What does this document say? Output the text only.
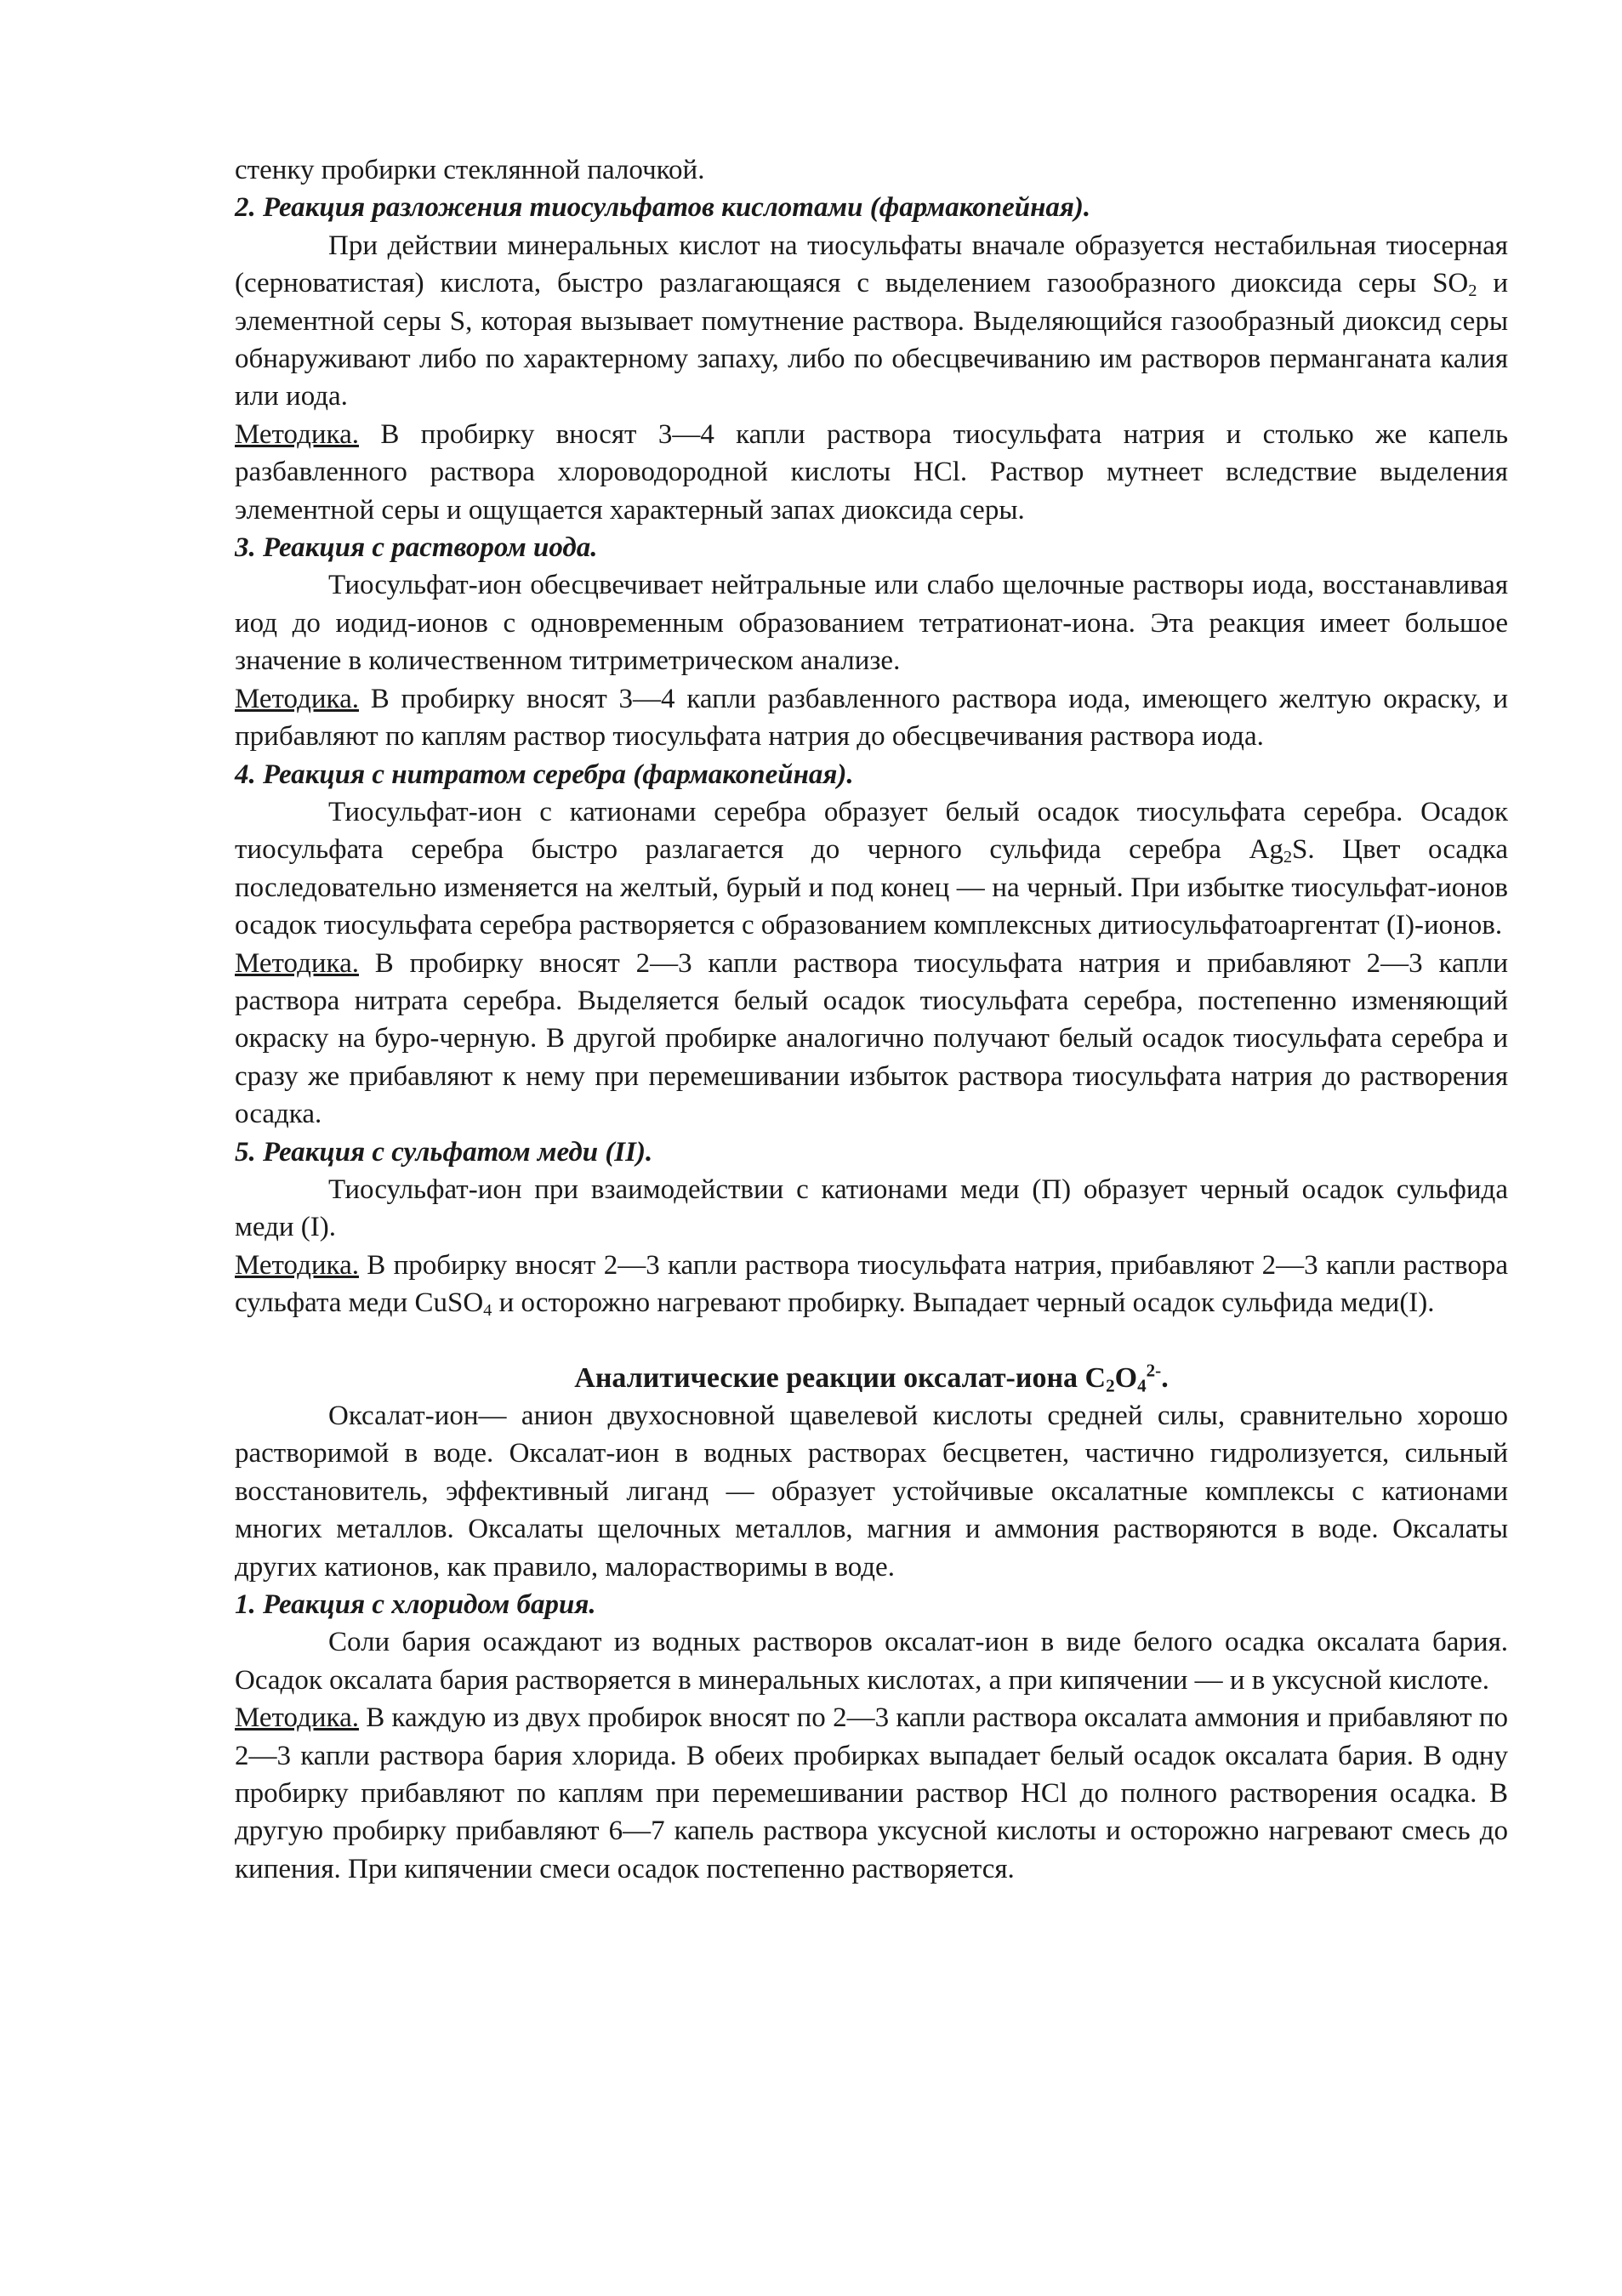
стенку пробирки стеклянной палочкой.

2. Реакция разложения тиосульфатов кислотами (фармакопейная).

При действии минеральных кислот на тиосульфаты вначале образуется нестабильная тиосерная (серноватистая) кислота, быстро разлагающаяся с выделением газообразного диоксида серы $SO_2$ и элементной серы S, которая вызывает помутнение раствора. Выделяющийся газообразный диоксид серы обнаруживают либо по характерному запаху, либо по обесцвечиванию им растворов перманганата калия или иода.

Методика. В пробирку вносят 3—4 капли раствора тиосульфата натрия и столько же капель разбавленного раствора хлороводородной кислоты HCl. Раствор мутнеет вследствие выделения элементной серы и ощущается характерный запах диоксида серы.

3. Реакция с раствором иода.

Тиосульфат-ион обесцвечивает нейтральные или слабо щелочные растворы иода, восстанавливая иод до иодид-ионов с одновременным образованием тетратионат-иона. Эта реакция имеет большое значение в количественном титриметрическом анализе.

Методика. В пробирку вносят 3—4 капли разбавленного раствора иода, имеющего желтую окраску, и прибавляют по каплям раствор тиосульфата натрия до обесцвечивания раствора иода.

4. Реакция с нитратом серебра (фармакопейная).

Тиосульфат-ион с катионами серебра образует белый осадок тиосульфата серебра. Осадок тиосульфата серебра быстро разлагается до черного сульфида серебра $Ag_2S$. Цвет осадка последовательно изменяется на желтый, бурый и под конец — на черный. При избытке тиосульфат-ионов осадок тиосульфата серебра растворяется с образованием комплексных дитиосульфатоаргентат (I)-ионов.

Методика. В пробирку вносят 2—3 капли раствора тиосульфата натрия и прибавляют 2—3 капли раствора нитрата серебра. Выделяется белый осадок тиосульфата серебра, постепенно изменяющий окраску на буро-черную. В другой пробирке аналогично получают белый осадок тиосульфата серебра и сразу же прибавляют к нему при перемешивании избыток раствора тиосульфата натрия до растворения осадка.

5. Реакция с сульфатом меди (II).

Тиосульфат-ион при взаимодействии с катионами меди (П) образует черный осадок сульфида меди (I).

Методика. В пробирку вносят 2—3 капли раствора тиосульфата натрия, прибавляют 2—3 капли раствора сульфата меди CuSO$_4$ и осторожно нагревают пробирку. Выпадает черный осадок сульфида меди(I).

Аналитические реакции оксалат-иона $C_2O_4^{2-}$.

Оксалат-ион— анион двухосновной щавелевой кислоты средней силы, сравнительно хорошо растворимой в воде. Оксалат-ион в водных растворах бесцветен, частично гидролизуется, сильный восстановитель, эффективный лиганд — образует устойчивые оксалатные комплексы с катионами многих металлов. Оксалаты щелочных металлов, магния и аммония растворяются в воде. Оксалаты других катионов, как правило, малорастворимы в воде.

1. Реакция с хлоридом бария.

Соли бария осаждают из водных растворов оксалат-ион в виде белого осадка оксалата бария. Осадок оксалата бария растворяется в минеральных кислотах, а при кипячении — и в уксусной кислоте.

Методика. В каждую из двух пробирок вносят по 2—3 капли раствора оксалата аммония и прибавляют по 2—3 капли раствора бария хлорида. В обеих пробирках выпадает белый осадок оксалата бария. В одну пробирку прибавляют по каплям при перемешивании раствор HCl до полного растворения осадка. В другую пробирку прибавляют 6—7 капель раствора уксусной кислоты и осторожно нагревают смесь до кипения. При кипячении смеси осадок постепенно растворяется.
